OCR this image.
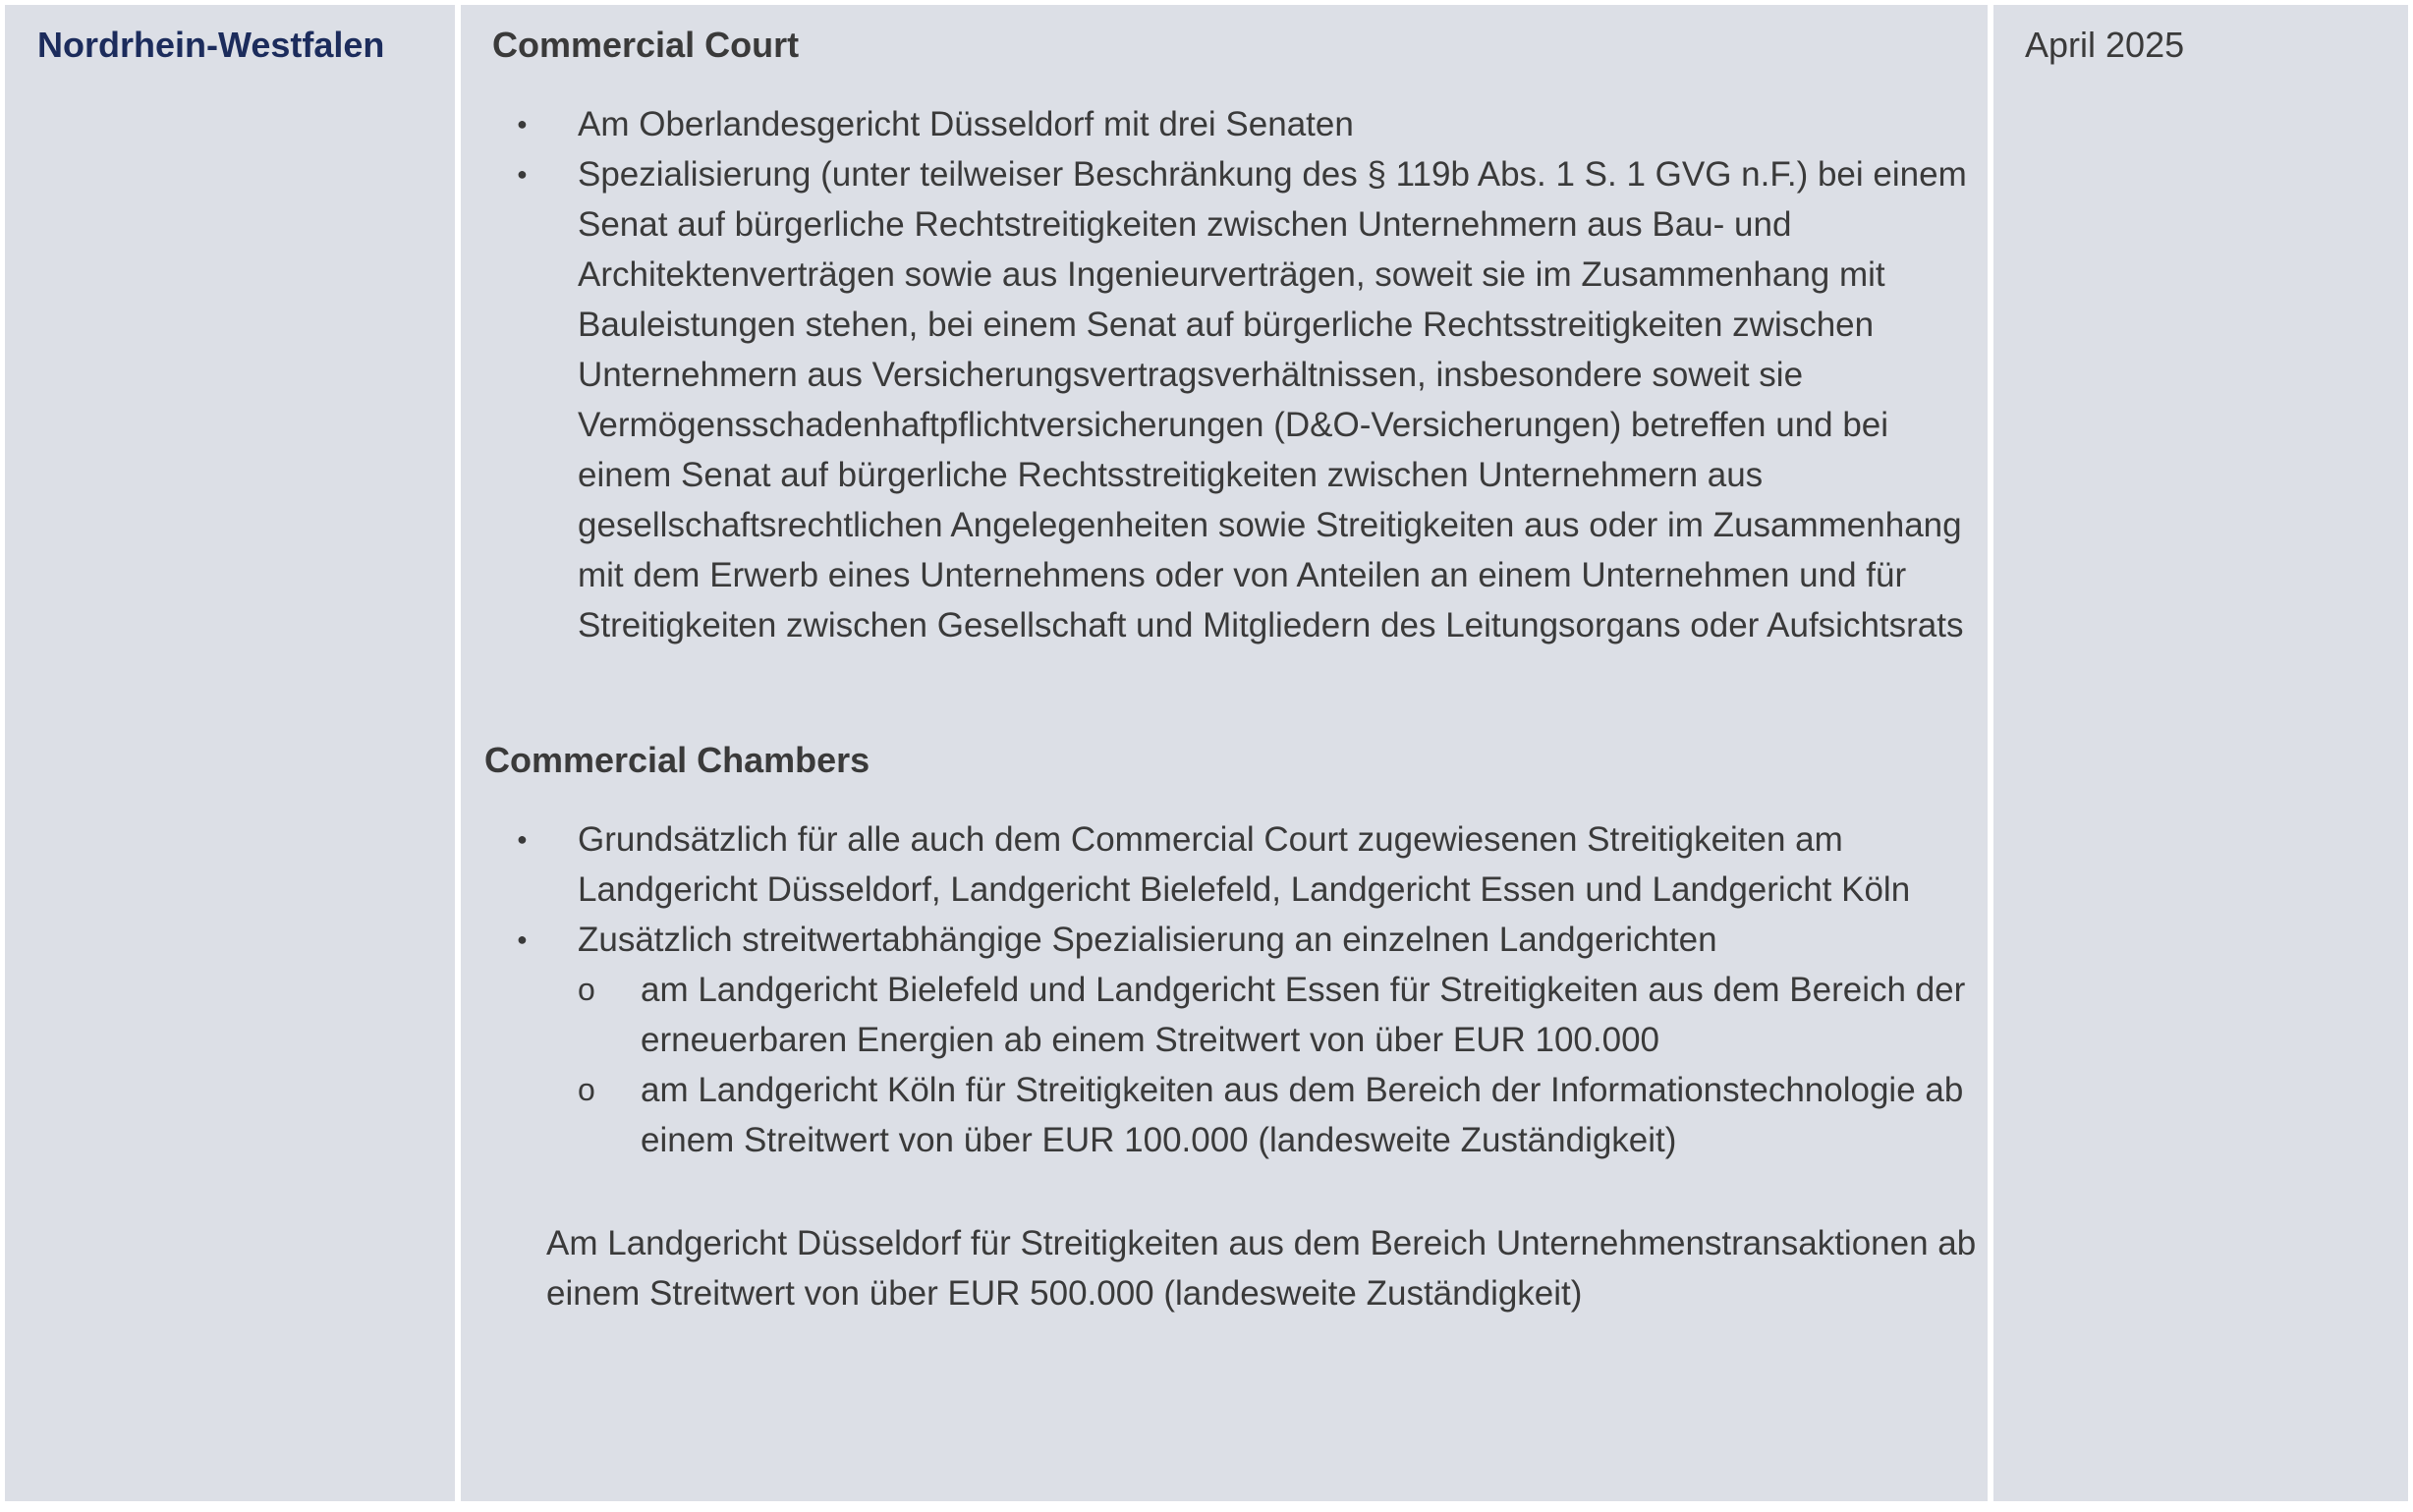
Nordrhein-Westfalen	Commercial Court
● Am Oberlandesgericht Düsseldorf mit drei Senaten
● Spezialisierung (unter teilweiser Beschränkung des § 119b Abs. 1 S. 1 GVG n.F.) bei einem Senat auf bürgerliche Rechtstreitigkeiten zwischen Unternehmern aus Bau- und Architektenverträgen sowie aus Ingenieurverträgen, soweit sie im Zusammenhang mit Bauleistungen stehen, bei einem Senat auf bürgerliche Rechtsstreitigkeiten zwischen Unternehmern aus Versicherungsvertragsverhältnissen, insbesondere soweit sie Vermögensschadenhaftpflichtversicherungen (D&O-Versicherungen) betreffen und bei einem Senat auf bürgerliche Rechtsstreitigkeiten zwischen Unternehmern aus gesellschaftsrechtlichen Angelegenheiten sowie Streitigkeiten aus oder im Zusammenhang mit dem Erwerb eines Unternehmens oder von Anteilen an einem Unternehmen und für Streitigkeiten zwischen Gesellschaft und Mitgliedern des Leitungsorgans oder Aufsichtsrats
Commercial Chambers
● Grundsätzlich für alle auch dem Commercial Court zugewiesenen Streitigkeiten am Landgericht Düsseldorf, Landgericht Bielefeld, Landgericht Essen und Landgericht Köln
● Zusätzlich streitwertabhängige Spezialisierung an einzelnen Landgerichten
o am Landgericht Bielefeld und Landgericht Essen für Streitigkeiten aus dem Bereich der erneuerbaren Energien ab einem Streitwert von über EUR 100.000
o am Landgericht Köln für Streitigkeiten aus dem Bereich der Informationstechnologie ab einem Streitwert von über EUR 100.000 (landesweite Zuständigkeit)

Am Landgericht Düsseldorf für Streitigkeiten aus dem Bereich Unternehmenstransaktionen ab einem Streitwert von über EUR 500.000 (landesweite Zuständigkeit)

April 2025
